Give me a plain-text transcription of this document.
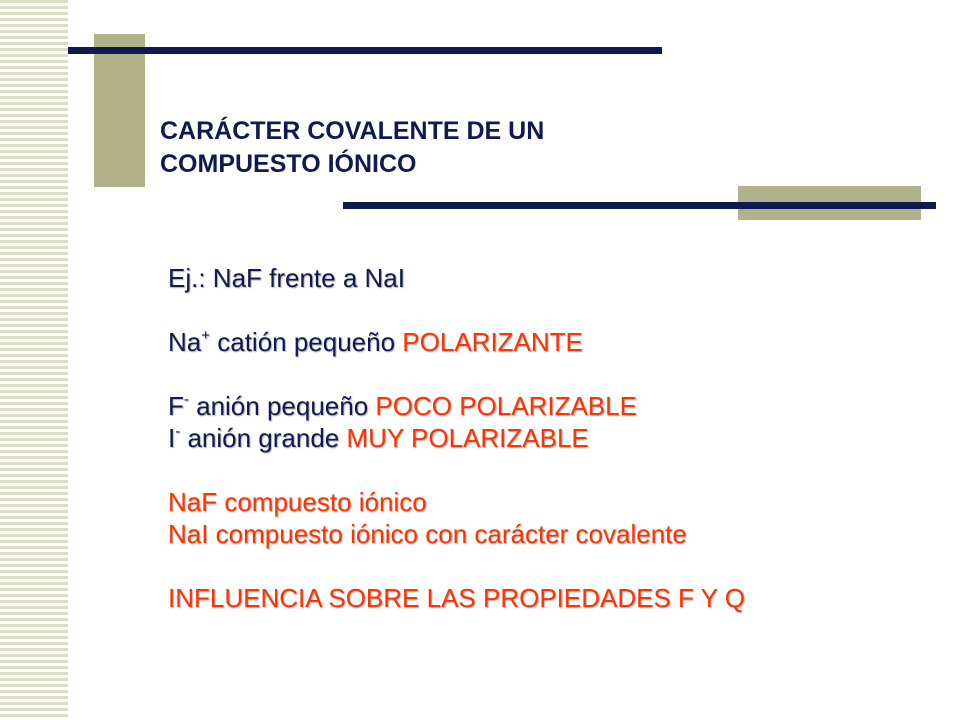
CARÁCTER COVALENTE DE UN
COMPUESTO IÓNICO
Ej.: NaF frente a NaI
Na+ catión pequeño POLARIZANTE
F- anión pequeño POCO POLARIZABLE
I- anión grande MUY POLARIZABLE
NaF compuesto iónico
NaI compuesto iónico con carácter covalente
INFLUENCIA SOBRE LAS PROPIEDADES F Y Q
